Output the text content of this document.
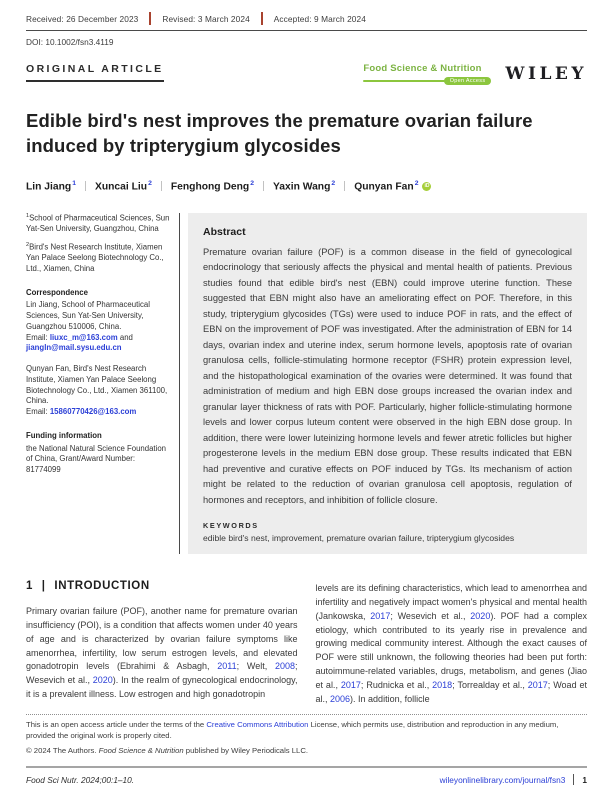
Received: 26 December 2023	Revised: 3 March 2024	Accepted: 9 March 2024
DOI: 10.1002/fsn3.4119
ORIGINAL ARTICLE	Food Science & Nutrition
Open Access	WILEY
Edible bird's nest improves the premature ovarian failure induced by tripterygium glycosides
Lin Jiang$^1$ Xuncai Liu$^2$ Fenghong Deng$^2$ Yaxin Wang$^2$ Qunyan Fan$^2$	iD

$^1$School of Pharmaceutical Sciences, Sun Yat-Sen University, Guangzhou, China

$^2$Bird's Nest Research Institute, Xiamen Yan Palace Seelong Biotechnology Co., Ltd., Xiamen, China

Correspondence

Lin Jiang, School of Pharmaceutical Sciences, Sun Yat-Sen University, Guangzhou 510006, China.

Email: liuxc_m@163.com and jiangln@mail.sysu.edu.cn

Qunyan Fan, Bird's Nest Research Institute, Xiamen Yan Palace Seelong Biotechnology Co., Ltd., Xiamen 361100, China.

Email: 15860770426@163.com

Funding information

the National Natural Science Foundation of China, Grant/Award Number: 81774099

Abstract

Premature ovarian failure (POF) is a common disease in the field of gynecological endocrinology that seriously affects the physical and mental health of patients. Previous studies found that edible bird's nest (EBN) could improve uterine function. These suggested that EBN might also have an ameliorating effect on POF. Therefore, in this study, tripterygium glycosides (TGs) were used to induce POF in rats, and the effect of EBN on the improvement of POF was investigated. After the administration of EBN for 14 days, ovarian index and uterine index, serum hormone levels, apoptosis rate of ovarian granulosa cells, follicle-stimulating hormone receptor (FSHR) protein expression level, and the histopathological examination of the ovaries were determined. It was found that administration of medium and high EBN dose groups increased the ovarian index and granular layer thickness of rats with POF. Particularly, higher follicle-stimulating hormone levels and lower corpus luteum content were observed in the high EBN dose group. In addition, there were lower luteinizing hormone levels and fewer atretic follicles but higher progesterone levels in the medium EBN dose group. These results indicated that EBN had preventive and curative effects on POF induced by TGs. Its mechanism of action might be related to the reduction of ovarian granulosa cell apoptosis, regulation of hormones and receptors, and inhibition of follicle closure.

KEYWORDS
edible bird's nest, improvement, premature ovarian failure, tripterygium glycosides
1 | INTRODUCTION

Primary ovarian failure (POF), another name for premature ovarian insufficiency (POI), is a condition that affects women under 40 years of age and is characterized by ovarian failure symptoms like amenorrhea, infertility, low serum estrogen levels, and elevated gonadotropin levels (Ebrahimi & Asbagh, 2011; Welt, 2008; Wesevich et al., 2020). In the realm of gynecological endocrinology, it is a prevalent illness. Low estrogen and high gonadotropin

levels are its defining characteristics, which lead to amenorrhea and infertility and negatively impact women's physical and mental health (Jankowska, 2017; Wesevich et al., 2020). POF had a complex etiology, which contributed to its yearly rise in prevalence and growing medical community interest. Although the exact causes of POF were still unknown, the following theories had been put forth: autoimmune-related variables, drugs, metabolism, and genes (Jiao et al., 2017; Rudnicka et al., 2018; Torrealday et al., 2017; Woad et al., 2006). In addition, follicle

This is an open access article under the terms of the Creative Commons Attribution License, which permits use, distribution and reproduction in any medium, provided the original work is properly cited.

© 2024 The Authors. Food Science & Nutrition published by Wiley Periodicals LLC.

Food Sci Nutr. 2024;00:1–10.	wileyonlinelibrary.com/journal/fsn3 1
